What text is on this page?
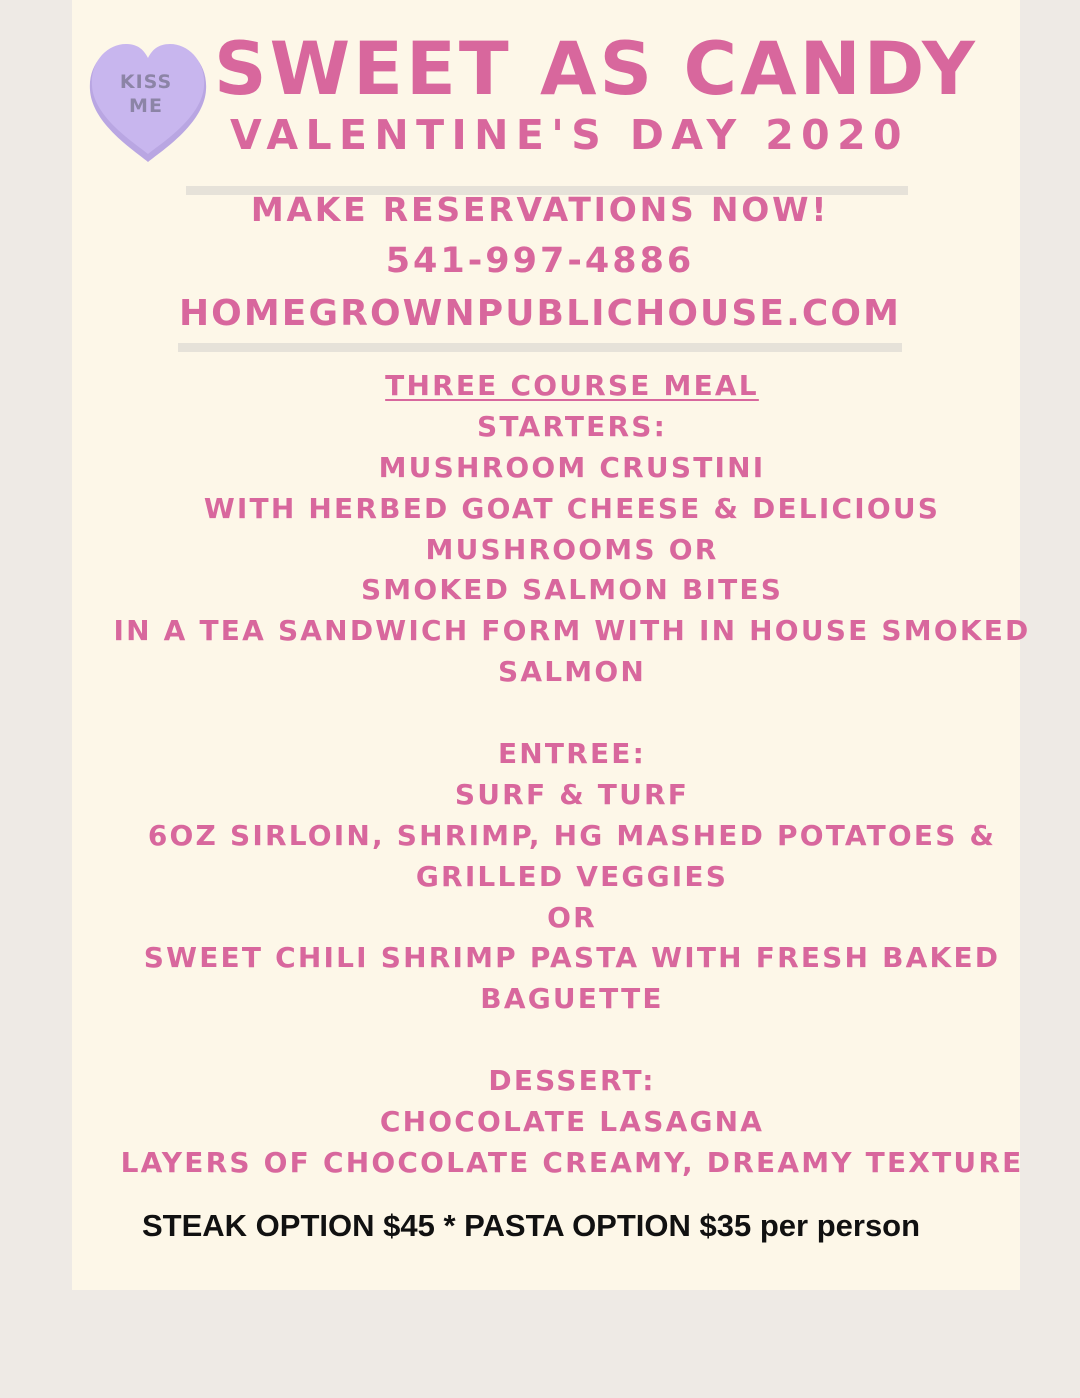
KISS
ME SWEET AS CANDY
VALENTINE'S DAY 2020
MAKE RESERVATIONS NOW!
541-997-4886
HOMEGROWNPUBLICHOUSE.COM
THREE COURSE MEAL
STARTERS:
MUSHROOM CRUSTINI
WITH HERBED GOAT CHEESE & DELICIOUS
MUSHROOMS OR
SMOKED SALMON BITES
IN A TEA SANDWICH FORM WITH IN HOUSE SMOKED
SALMON
ENTREE:
SURF & TURF
6OZ SIRLOIN, SHRIMP, HG MASHED POTATOES &
GRILLED VEGGIES
OR
SWEET CHILI SHRIMP PASTA WITH FRESH BAKED
BAGUETTE
DESSERT:
CHOCOLATE LASAGNA
LAYERS OF CHOCOLATE CREAMY, DREAMY TEXTURE
STEAK OPTION $45 * PASTA OPTION $35 per person
